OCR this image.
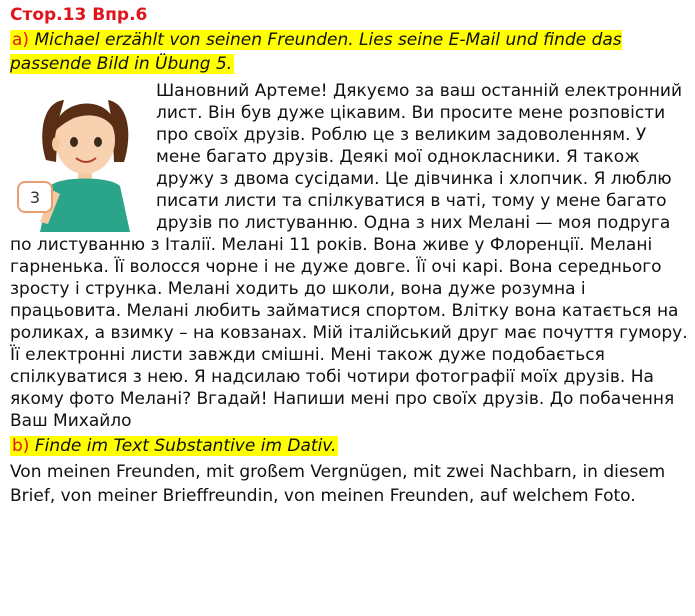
Стор.13 Впр.6
a) Michael erzählt von seinen Freunden. Lies seine E-Mail und finde das passende Bild in Übung 5.
3

Шановний Артеме! Дякуємо за ваш останній електронний лист. Він був дуже цікавим. Ви просите мене розповісти про своїх друзів. Роблю це з великим задоволенням. У мене багато друзів. Деякі мої однокласники. Я також дружу з двома сусідами. Це дівчинка і хлопчик. Я люблю писати листи та спілкуватися в чаті, тому у мене багато друзів по листуванню. Одна з них Мелані — моя подруга по листуванню з Італії. Мелані 11 років. Вона живе у Флоренції. Мелані гарненька. Її волосся чорне і не дуже довге. Її очі карі. Вона середнього зросту і струнка. Мелані ходить до школи, вона дуже розумна і працьовита. Мелані любить займатися спортом. Влітку вона катається на роликах, а взимку – на ковзанах. Мій італійський друг має почуття гумору. Її електронні листи завжди смішні. Мені також дуже подобається спілкуватися з нею. Я надсилаю тобі чотири фотографії моїх друзів. На якому фото Мелані? Вгадай! Напиши мені про своїх друзів. До побачення Ваш Михайло

b) Finde im Text Substantive im Dativ.
Von meinen Freunden, mit großem Vergnügen, mit zwei Nachbarn, in diesem Brief, von meiner Brieffreundin, von meinen Freunden, auf welchem Foto.
